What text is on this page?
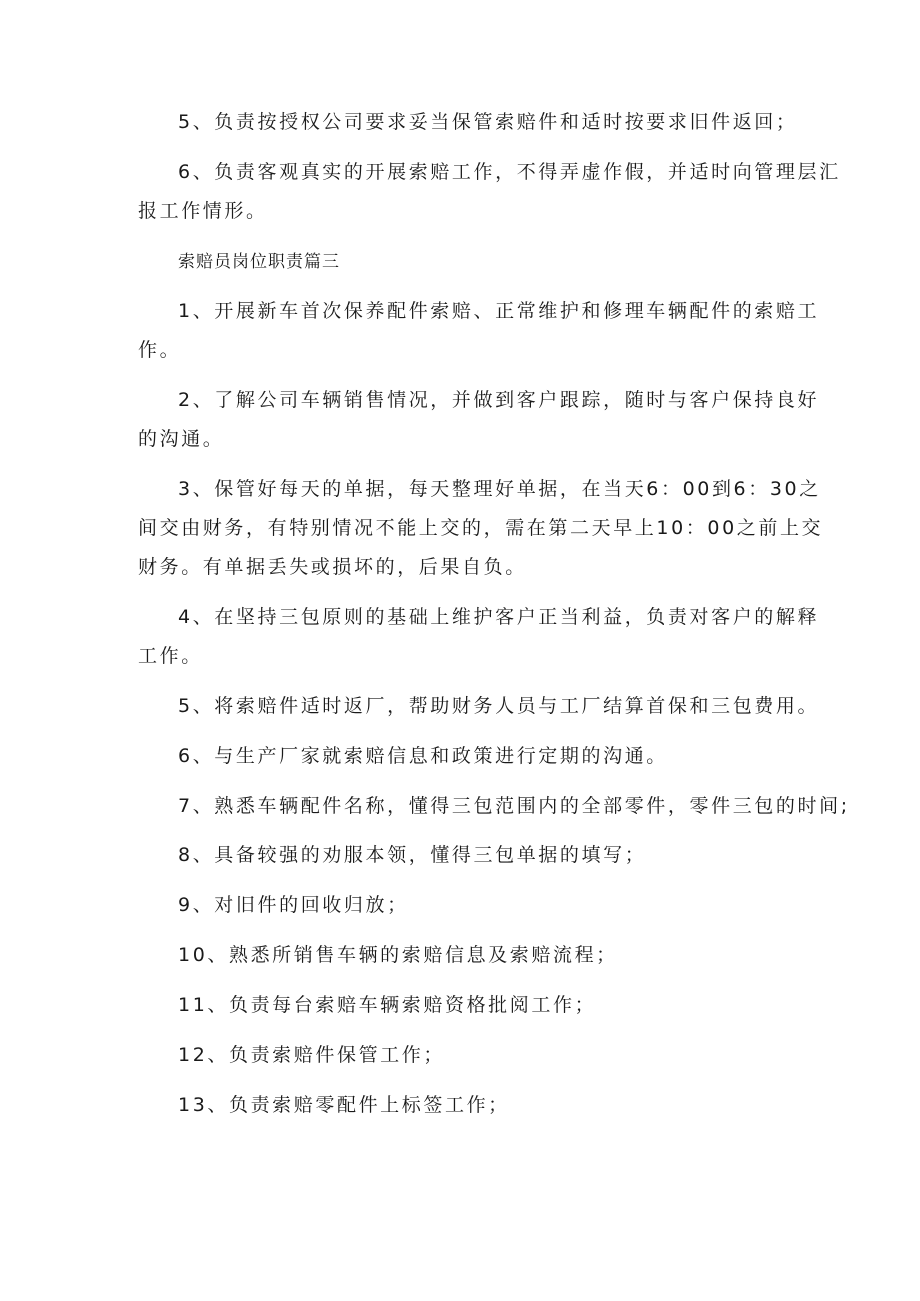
5、负责按授权公司要求妥当保管索赔件和适时按要求旧件返回；
6、负责客观真实的开展索赔工作，不得弄虚作假，并适时向管理层汇
报工作情形。
索赔员岗位职责篇三
1、开展新车首次保养配件索赔、正常维护和修理车辆配件的索赔工
作。
2、了解公司车辆销售情况，并做到客户跟踪，随时与客户保持良好
的沟通。
3、保管好每天的单据，每天整理好单据，在当天6：00到6：30之
间交由财务，有特别情况不能上交的，需在第二天早上10：00之前上交
财务。有单据丢失或损坏的，后果自负。
4、在坚持三包原则的基础上维护客户正当利益，负责对客户的解释
工作。
5、将索赔件适时返厂，帮助财务人员与工厂结算首保和三包费用。
6、与生产厂家就索赔信息和政策进行定期的沟通。
7、熟悉车辆配件名称，懂得三包范围内的全部零件，零件三包的时间;
8、具备较强的劝服本领，懂得三包单据的填写；
9、对旧件的回收归放；
10、熟悉所销售车辆的索赔信息及索赔流程；
11、负责每台索赔车辆索赔资格批阅工作；
12、负责索赔件保管工作；
13、负责索赔零配件上标签工作；
